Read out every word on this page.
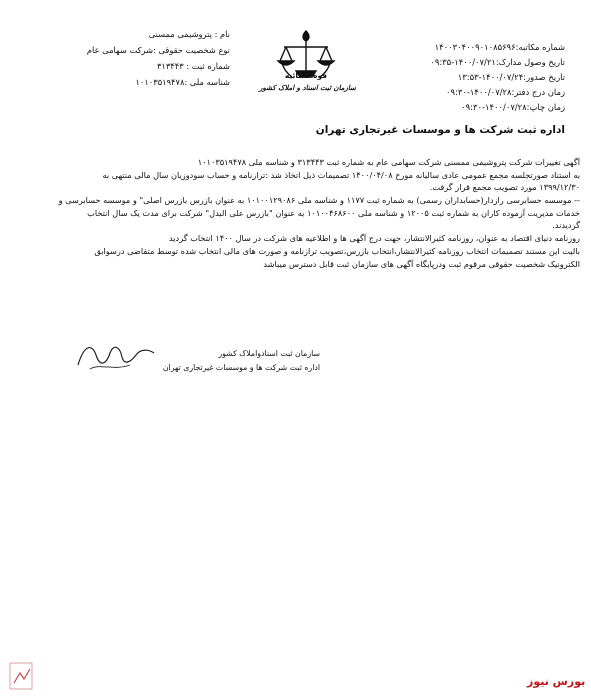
شماره مکاتبه:۱۴۰۰۳۰۴۰۰۹۰۱۰۸۵۶۹۶
تاریخ وصول مدارک:۱۴۰۰/۰۷/۲۱-۰۹:۳۵
تاریخ صدور:۱۴۰۰/۰۷/۲۴-۱۳:۵۳
زمان درج دفتر:۱۴۰۰/۰۷/۲۸-۰۹:۳۰
زمان چاپ:۱۴۰۰/۰۷/۲۸-۰۹:۳۰
نام : پتروشیمی ممسنی
نوع شخصیت حقوقی :شرکت سهامی عام
شماره ثبت : ۳۱۳۴۴۳
شناسه ملی :۱۰۱۰۳۵۱۹۴۷۸
قوه قضائیه
سازمان ثبت اسناد و املاک کشور
اداره ثبت شرکت ها و موسسات غیرتجاری تهران
آگهی تغییرات شرکت پتروشیمی ممسنی شرکت سهامی عام به شماره ثبت ۳۱۳۴۴۳ و شناسه ملی ۱۰۱۰۳۵۱۹۴۷۸
به استناد صورتجلسه مجمع عمومی عادی سالیانه مورخ ۱۴۰۰/۰۴/۰۸ تصمیمات ذیل اتخاذ شد :ترازنامه و حساب سودوزیان سال مالی منتهی به
۱۳۹۹/۱۲/۳۰ مورد تصویب مجمع قرار گرفت.
-- موسسه حسابرسی رازدار(حسابداران رسمی) به شماره ثبت ۱۱۷۷ و شناسه ملی ۱۰۱۰۰۱۲۹۰۸۶ به عنوان بازرس بازرس اصلی" و موسسه حسابرسی و
خدمات مدیریت آزموده کاران به شماره ثبت ۱۲۰۰۵ و شناسه ملی ۱۰۱۰۰۴۶۸۶۰۰ به عنوان "بازرس علی البدل" شرکت برای مدت یک سال انتخاب
گردیدند.
روزنامه دنیای اقتصاد به عنوان، روزنامه کثیرالانتشار، جهت درج آگهی ها و اطلاعیه های شرکت در سال ۱۴۰۰ انتخاب گردید
بالیت این مستند تصمیمات انتخاب روزنامه کثیرالانتشار،انتخاب بازرس،تصویب ترازنامه و صورت های مالی انتخاب شده توسط متقاضی درسوابق
الکترونیک شخصیت حقوقی مرقوم ثبت ودرپایگاه آگهی های سازمان ثبت قابل دسترس میباشد
سازمان ثبت اسنادواملاک کشور
اداره ثبت شرکت ها و موسسات غیرتجاری تهران
بورس نیوز
